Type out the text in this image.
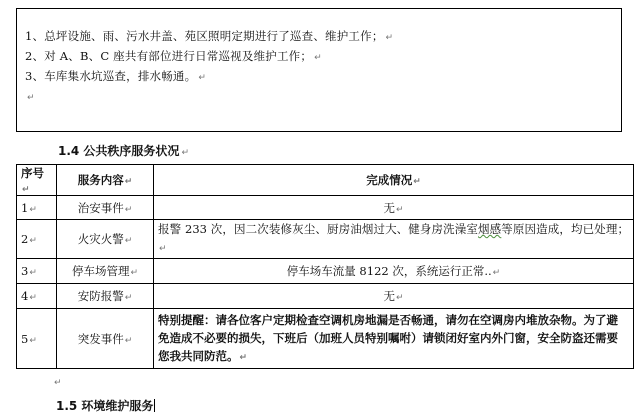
1、总坪设施、雨、污水井盖、苑区照明定期进行了巡查、维护工作； ↵
2、对 A、B、C 座共有部位进行日常巡视及维护工作； ↵
3、车库集水坑巡查，排水畅通。 ↵
↵
1.4 公共秩序服务状况 ↵
序号↵	服务内容↵	完成情况↵
1↵	治安事件↵	无↵
2↵	火灾火警↵	报警 233 次，因二次装修灰尘、厨房油烟过大、健身房洗澡室烟感等原因造成，均已处理；↵
3↵	停车场管理↵	停车场车流量 8122 次，系统运行正常..↵
4↵	安防报警↵	无↵
5↵	突发事件↵	特别提醒：请各位客户定期检查空调机房地漏是否畅通，请勿在空调房内堆放杂物。为了避免造成不必要的损失，下班后（加班人员特别嘱咐）请锁闭好室内外门窗，安全防盗还需要您我共同防范。↵
↵
1.5 环境维护服务
